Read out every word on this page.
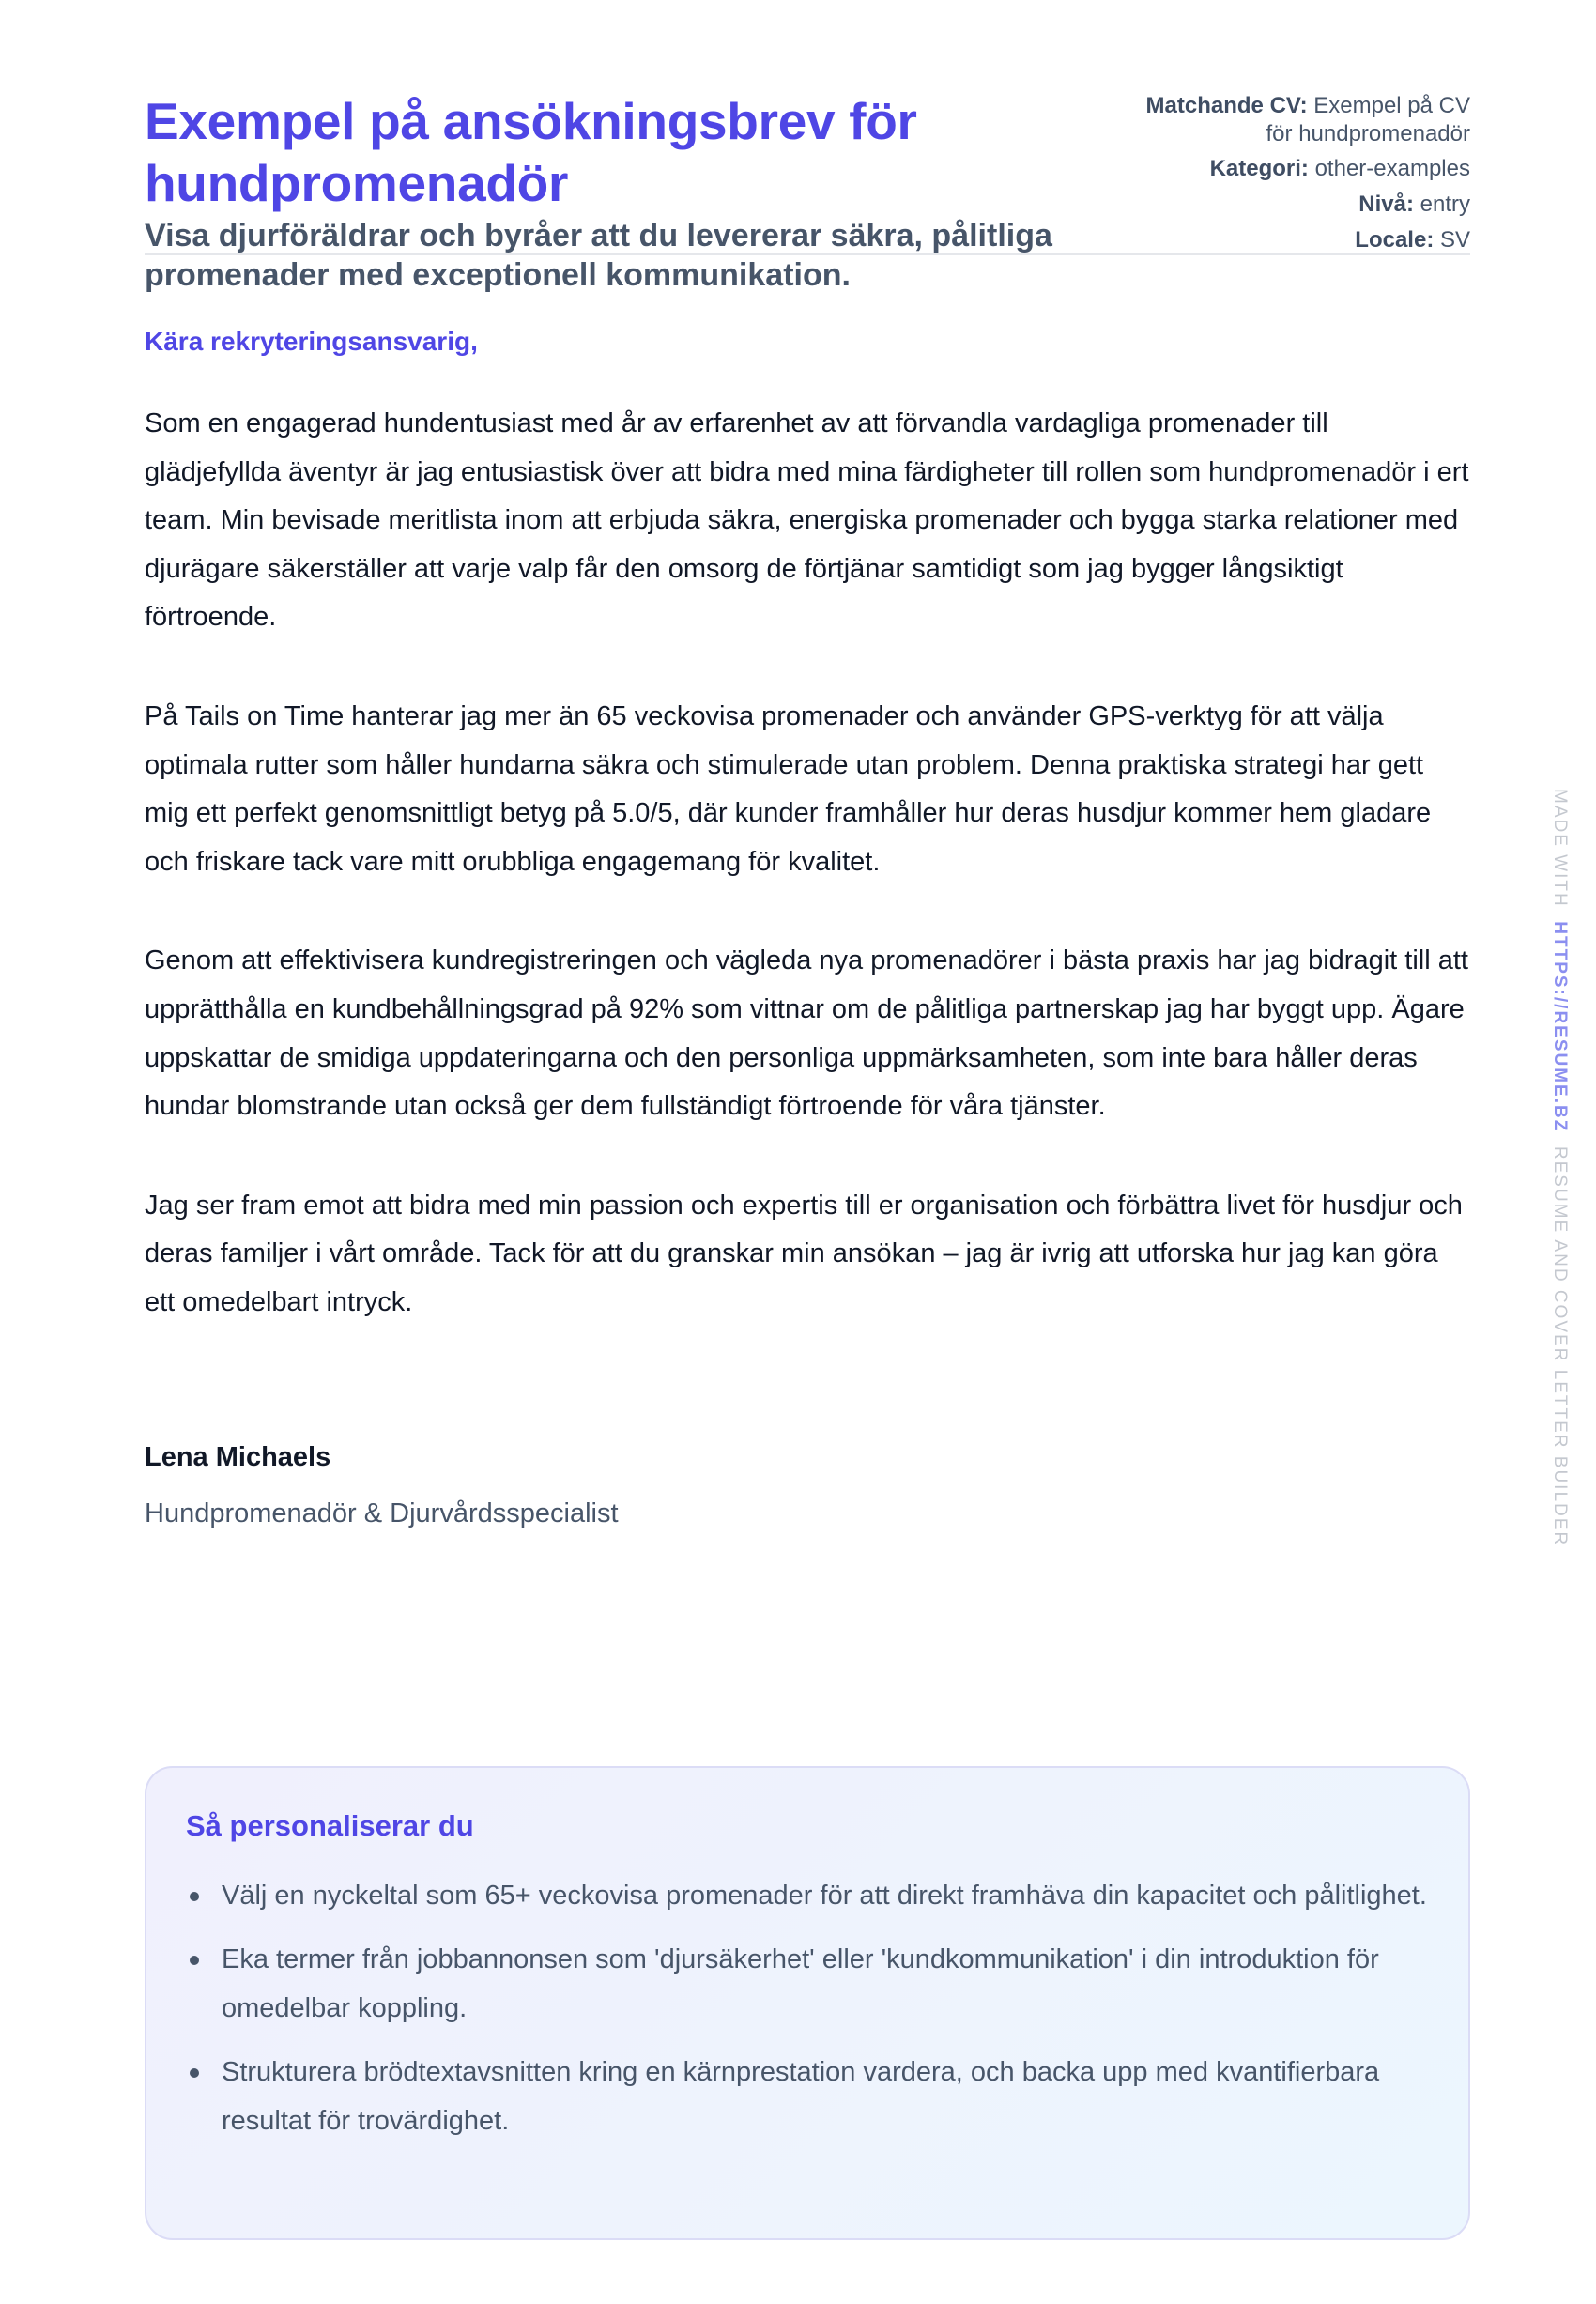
Exempel på ansökningsbrev för hundpromenadör

Visa djurföräldrar och byråer att du levererar säkra, pålitliga promenader med exceptionell kommunikation.

Matchande CV: Exempel på CV för hundpromenadör

Kategori: other-examples

Nivå: entry

Locale: SV

Kära rekryteringsansvarig,

Som en engagerad hundentusiast med år av erfarenhet av att förvandla vardagliga promenader till glädjefyllda äventyr är jag entusiastisk över att bidra med mina färdigheter till rollen som hundpromenadör i ert team. Min bevisade meritlista inom att erbjuda säkra, energiska promenader och bygga starka relationer med djurägare säkerställer att varje valp får den omsorg de förtjänar samtidigt som jag bygger långsiktigt förtroende.

På Tails on Time hanterar jag mer än 65 veckovisa promenader och använder GPS-verktyg för att välja optimala rutter som håller hundarna säkra och stimulerade utan problem. Denna praktiska strategi har gett mig ett perfekt genomsnittligt betyg på 5.0/5, där kunder framhåller hur deras husdjur kommer hem gladare och friskare tack vare mitt orubbliga engagemang för kvalitet.

Genom att effektivisera kundregistreringen och vägleda nya promenadörer i bästa praxis har jag bidragit till att upprätthålla en kundbehållningsgrad på 92% som vittnar om de pålitliga partnerskap jag har byggt upp. Ägare uppskattar de smidiga uppdateringarna och den personliga uppmärksamheten, som inte bara håller deras hundar blomstrande utan också ger dem fullständigt förtroende för våra tjänster.

Jag ser fram emot att bidra med min passion och expertis till er organisation och förbättra livet för husdjur och deras familjer i vårt område. Tack för att du granskar min ansökan – jag är ivrig att utforska hur jag kan göra ett omedelbart intryck.

Lena Michaels

Hundpromenadör & Djurvårdsspecialist

Så personaliserar du
Välj en nyckeltal som 65+ veckovisa promenader för att direkt framhäva din kapacitet och pålitlighet.
Eka termer från jobbannonsen som 'djursäkerhet' eller 'kundkommunikation' i din introduktion för omedelbar koppling.
Strukturera brödtextavsnitten kring en kärnprestation vardera, och backa upp med kvantifierbara resultat för trovärdighet.
MADE WITH  HTTPS://RESUME.BZ  RESUME AND COVER LETTER BUILDER
